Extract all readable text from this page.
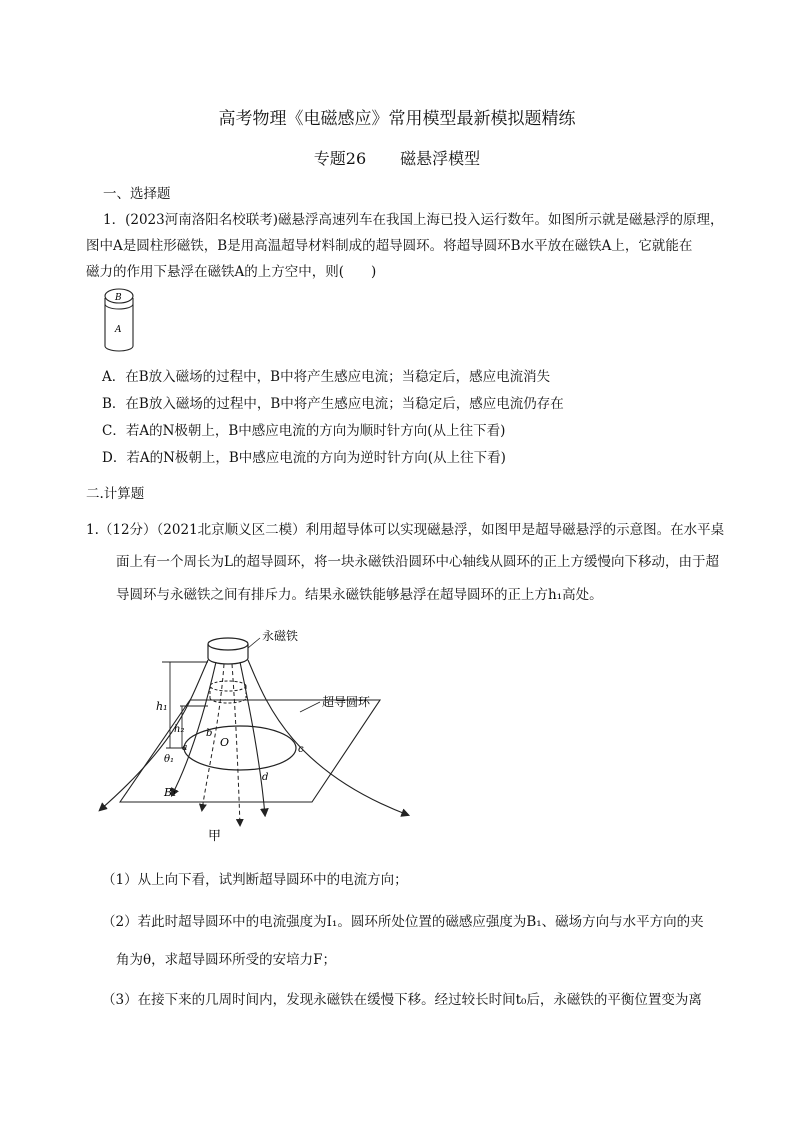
高考物理《电磁感应》常用模型最新模拟题精练
专题26 磁悬浮模型
一、选择题
1．(2023河南洛阳名校联考)磁悬浮高速列车在我国上海已投入运行数年。如图所示就是磁悬浮的原理，
图中A是圆柱形磁铁，B是用高温超导材料制成的超导圆环。将超导圆环B水平放在磁铁A上，它就能在
磁力的作用下悬浮在磁铁A的上方空中，则(　　)
B
A
A．在B放入磁场的过程中，B中将产生感应电流；当稳定后，感应电流消失
B．在B放入磁场的过程中，B中将产生感应电流；当稳定后，感应电流仍存在
C．若A的N极朝上，B中感应电流的方向为顺时针方向(从上往下看)
D．若A的N极朝上，B中感应电流的方向为逆时针方向(从上往下看)
二.计算题
1.（12分）（2021北京顺义区二模）利用超导体可以实现磁悬浮，如图甲是超导磁悬浮的示意图。在水平桌
面上有一个周长为L的超导圆环，将一块永磁铁沿圆环中心轴线从圆环的正上方缓慢向下移动，由于超
导圆环与永磁铁之间有排斥力。结果永磁铁能够悬浮在超导圆环的正上方h₁高处。
永磁铁
超导圆环
h₁
h₂
θ₁
B₁
O
a
b
c
d
甲
（1）从上向下看，试判断超导圆环中的电流方向；
（2）若此时超导圆环中的电流强度为I₁。圆环所处位置的磁感应强度为B₁、磁场方向与水平方向的夹
角为θ，求超导圆环所受的安培力F；
（3）在接下来的几周时间内，发现永磁铁在缓慢下移。经过较长时间t₀后，永磁铁的平衡位置变为离
